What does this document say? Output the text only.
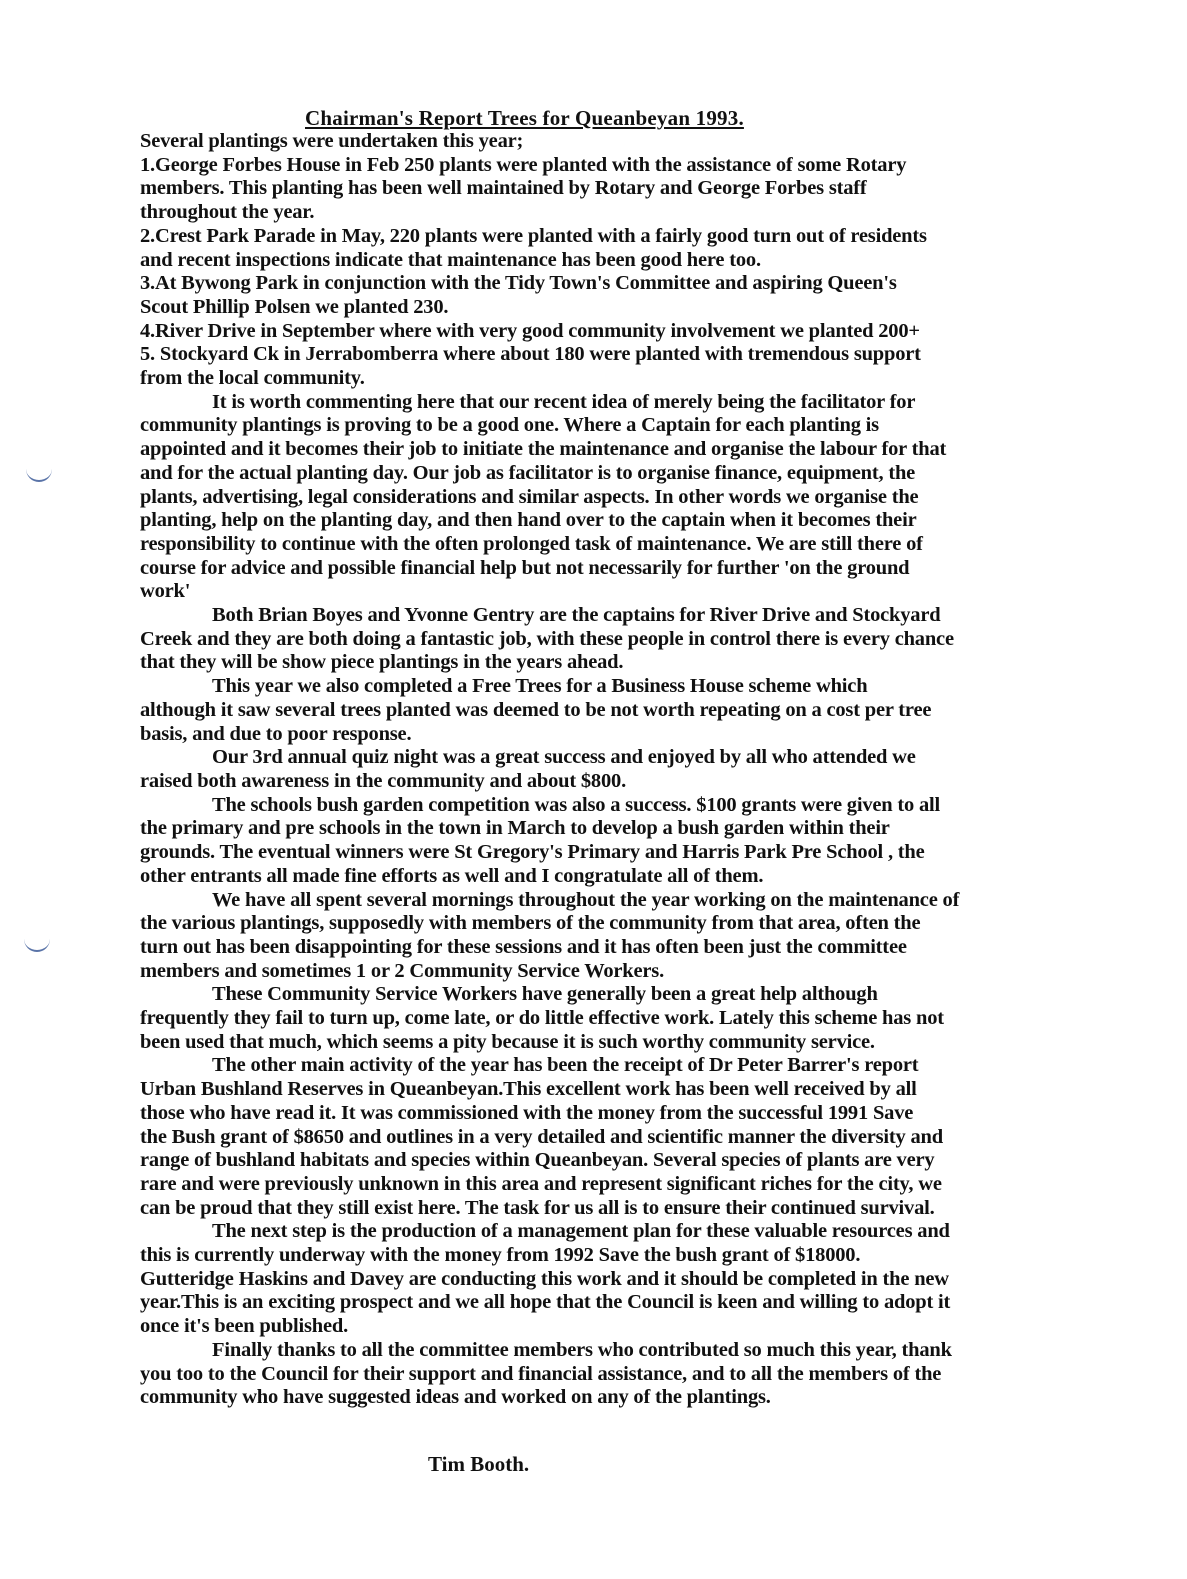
Chairman's Report Trees for Queanbeyan 1993.
Several plantings were undertaken this year;
1.George Forbes House in Feb 250 plants were planted with the assistance of some Rotary
members. This planting has been well maintained by Rotary and George Forbes staff
throughout the year.
2.Crest Park Parade in May, 220 plants were planted with a fairly good turn out of residents
and recent inspections indicate that maintenance has been good here too.
3.At Bywong Park in conjunction with the Tidy Town's Committee and aspiring Queen's
Scout Phillip Polsen we planted 230.
4.River Drive in September where with very good community involvement we planted 200+
5. Stockyard Ck in Jerrabomberra where about 180 were planted with tremendous support
from the local community.
It is worth commenting here that our recent idea of merely being the facilitator for
community plantings is proving to be a good one. Where a Captain for each planting is
appointed and it becomes their job to initiate the maintenance and organise the labour for that
and for the actual planting day. Our job as facilitator is to organise finance, equipment, the
plants, advertising, legal considerations and similar aspects. In other words we organise the
planting, help on the planting day, and then hand over to the captain when it becomes their
responsibility to continue with the often prolonged task of maintenance. We are still there of
course for advice and possible financial help but not necessarily for further 'on the ground
work'
Both Brian Boyes and Yvonne Gentry are the captains for River Drive and Stockyard
Creek and they are both doing a fantastic job, with these people in control there is every chance
that they will be show piece plantings in the years ahead.
This year we also completed a Free Trees for a Business House scheme which
although it saw several trees planted was deemed to be not worth repeating on a cost per tree
basis, and due to poor response.
Our 3rd annual quiz night was a great success and enjoyed by all who attended we
raised both awareness in the community and about $800.
The schools bush garden competition was also a success. $100 grants were given to all
the primary and pre schools in the town in March to develop a bush garden within their
grounds. The eventual winners were St Gregory's Primary and Harris Park Pre School , the
other entrants all made fine efforts as well and I congratulate all of them.
We have all spent several mornings throughout the year working on the maintenance of
the various plantings, supposedly with members of the community from that area, often the
turn out has been disappointing for these sessions and it has often been just the committee
members and sometimes 1 or 2 Community Service Workers.
These Community Service Workers have generally been a great help although
frequently they fail to turn up, come late, or do little effective work. Lately this scheme has not
been used that much, which seems a pity because it is such worthy community service.
The other main activity of the year has been the receipt of Dr Peter Barrer's report
Urban Bushland Reserves in Queanbeyan.This excellent work has been well received by all
those who have read it. It was commissioned with the money from the successful 1991 Save
the Bush grant of $8650 and outlines in a very detailed and scientific manner the diversity and
range of bushland habitats and species within Queanbeyan. Several species of plants are very
rare and were previously unknown in this area and represent significant riches for the city, we
can be proud that they still exist here. The task for us all is to ensure their continued survival.
The next step is the production of a management plan for these valuable resources and
this is currently underway with the money from 1992 Save the bush grant of $18000.
Gutteridge Haskins and Davey are conducting this work and it should be completed in the new
year.This is an exciting prospect and we all hope that the Council is keen and willing to adopt it
once it's been published.
Finally thanks to all the committee members who contributed so much this year, thank
you too to the Council for their support and financial assistance, and to all the members of the
community who have suggested ideas and worked on any of the plantings.
Tim Booth.
